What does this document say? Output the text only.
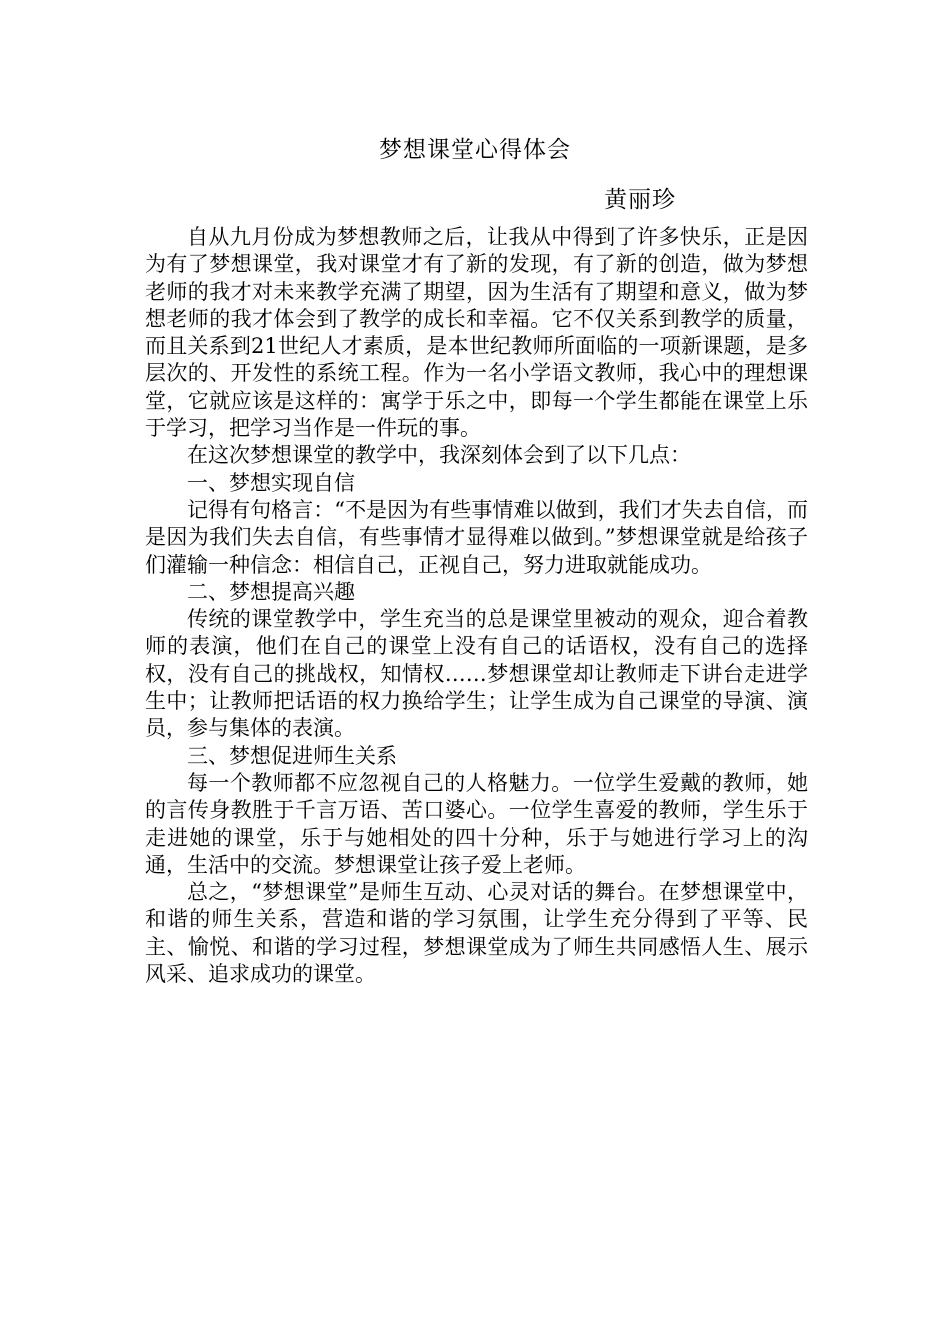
梦想课堂心得体会
黄丽珍

自从九月份成为梦想教师之后，让我从中得到了许多快乐，正是因为有了梦想课堂，我对课堂才有了新的发现，有了新的创造，做为梦想老师的我才对未来教学充满了期望，因为生活有了期望和意义，做为梦想老师的我才体会到了教学的成长和幸福。它不仅关系到教学的质量，而且关系到21世纪人才素质，是本世纪教师所面临的一项新课题，是多层次的、开发性的系统工程。作为一名小学语文教师，我心中的理想课堂，它就应该是这样的：寓学于乐之中，即每一个学生都能在课堂上乐于学习，把学习当作是一件玩的事。

在这次梦想课堂的教学中，我深刻体会到了以下几点：

一、梦想实现自信

记得有句格言：“不是因为有些事情难以做到，我们才失去自信，而是因为我们失去自信，有些事情才显得难以做到。”梦想课堂就是给孩子们灌输一种信念：相信自己，正视自己，努力进取就能成功。

二、梦想提高兴趣

传统的课堂教学中，学生充当的总是课堂里被动的观众，迎合着教师的表演，他们在自己的课堂上没有自己的话语权，没有自己的选择权，没有自己的挑战权，知情权……梦想课堂却让教师走下讲台走进学生中；让教师把话语的权力换给学生；让学生成为自己课堂的导演、演员，参与集体的表演。

三、梦想促进师生关系

每一个教师都不应忽视自己的人格魅力。一位学生爱戴的教师，她的言传身教胜于千言万语、苦口婆心。一位学生喜爱的教师，学生乐于走进她的课堂，乐于与她相处的四十分种，乐于与她进行学习上的沟通，生活中的交流。梦想课堂让孩子爱上老师。

总之，“梦想课堂”是师生互动、心灵对话的舞台。在梦想课堂中，和谐的师生关系，营造和谐的学习氛围，让学生充分得到了平等、民主、愉悦、和谐的学习过程，梦想课堂成为了师生共同感悟人生、展示风采、追求成功的课堂。
